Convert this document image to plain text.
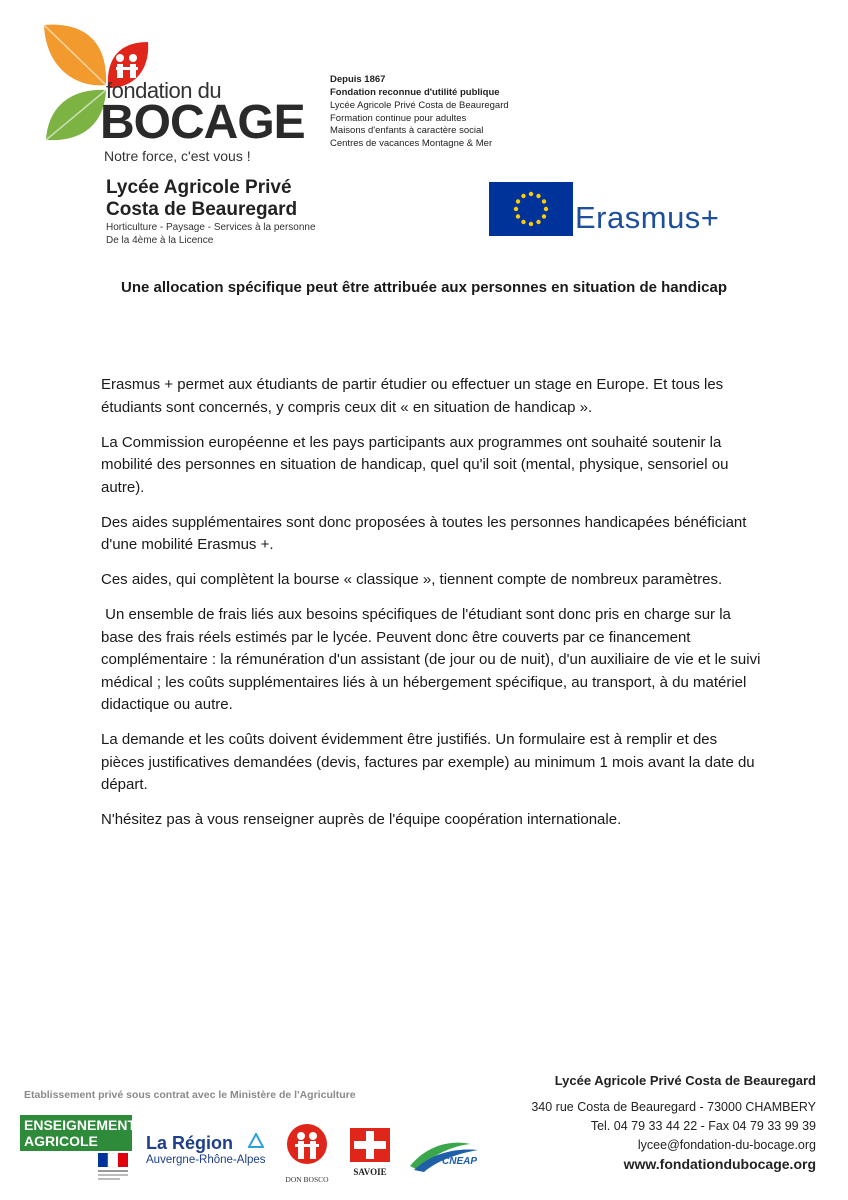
fondation du
BOCAGE
Notre force, c'est vous !
Depuis 1867
Fondation reconnue d'utilité publique
Lycée Agricole Privé Costa de Beauregard
Formation continue pour adultes
Maisons d'enfants à caractère social
Centres de vacances Montagne & Mer
Lycée Agricole Privé
Costa de Beauregard
Horticulture - Paysage - Services à la personne
De la 4ème à la Licence
Erasmus+
Une allocation spécifique peut être attribuée aux personnes en situation de handicap

Erasmus + permet aux étudiants de partir étudier ou effectuer un stage en Europe. Et tous les étudiants sont concernés, y compris ceux dit « en situation de handicap ».

La Commission européenne et les pays participants aux programmes ont souhaité soutenir la mobilité des personnes en situation de handicap, quel qu'il soit (mental, physique, sensoriel ou autre).

Des aides supplémentaires sont donc proposées à toutes les personnes handicapées bénéficiant d'une mobilité Erasmus +.

Ces aides, qui complètent la bourse « classique », tiennent compte de nombreux paramètres.

Un ensemble de frais liés aux besoins spécifiques de l'étudiant sont donc pris en charge sur la base des frais réels estimés par le lycée. Peuvent donc être couverts par ce financement complémentaire : la rémunération d'un assistant (de jour ou de nuit), d'un auxiliaire de vie et le suivi médical ; les coûts supplémentaires liés à un hébergement spécifique, au transport, à du matériel didactique ou autre.

La demande et les coûts doivent évidemment être justifiés. Un formulaire est à remplir et des pièces justificatives demandées (devis, factures par exemple) au minimum 1 mois avant la date du départ.

N'hésitez pas à vous renseigner auprès de l'équipe coopération internationale.

Etablissement privé sous contrat avec le Ministère de l'Agriculture
ENSEIGNEMENT
AGRICOLE	La Région
Auvergne-Rhône-Alpes
DON BOSCO
SAVOIE
CNEAP
Lycée Agricole Privé Costa de Beauregard
340 rue Costa de Beauregard - 73000 CHAMBERY
Tel. 04 79 33 44 22 - Fax 04 79 33 99 39
lycee@fondation-du-bocage.org
www.fondationdubocage.org
